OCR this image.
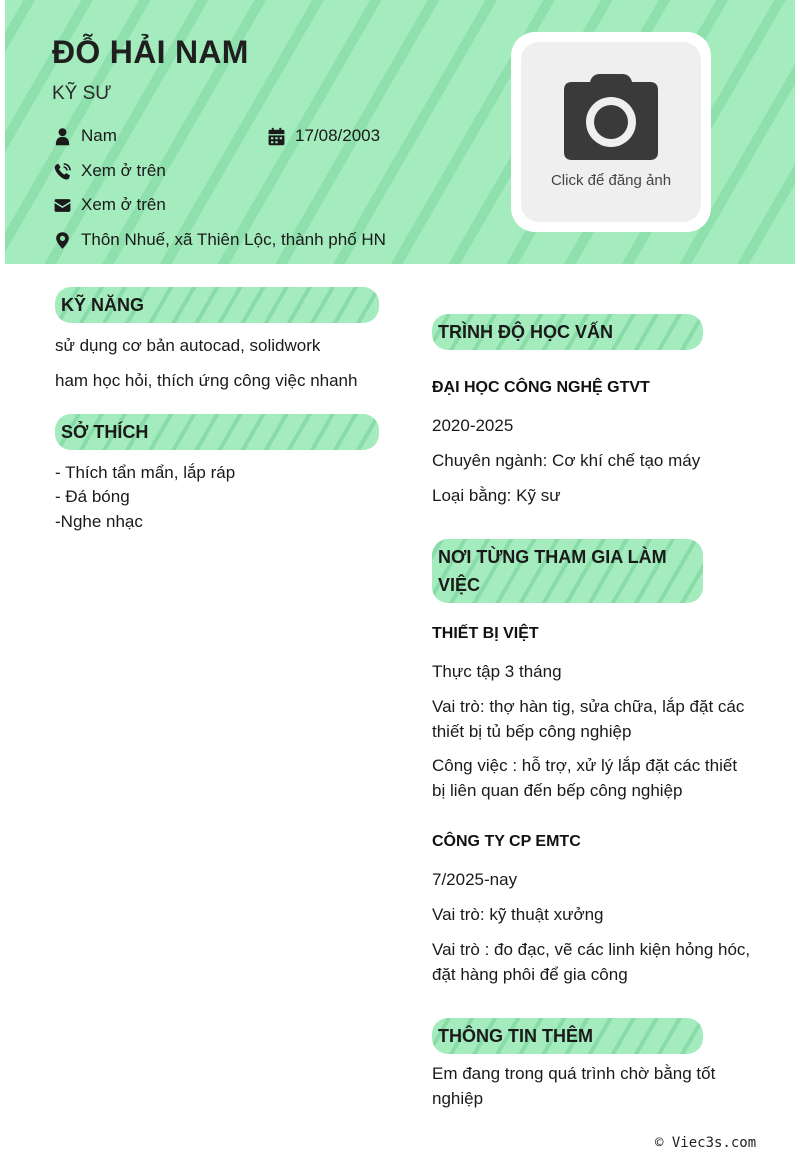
ĐỖ HẢI NAM
KỸ SƯ
Nam	17/08/2003
Xem ở trên
Xem ở trên
Thôn Nhuế, xã Thiên Lộc, thành phố HN
Click để đăng ảnh
KỸ NĂNG
sử dụng cơ bản autocad, solidwork
ham học hỏi, thích ứng công việc nhanh
SỞ THÍCH
- Thích tẩn mẩn, lắp ráp
- Đá bóng
-Nghe nhạc
TRÌNH ĐỘ HỌC VẤN
ĐẠI HỌC CÔNG NGHỆ GTVT
2020-2025
Chuyên ngành: Cơ khí chế tạo máy
Loại bằng: Kỹ sư
NƠI TỪNG THAM GIA LÀM VIỆC
THIẾT BỊ VIỆT
Thực tập 3 tháng
Vai trò: thợ hàn tig, sửa chữa, lắp đặt các thiết bị tủ bếp công nghiệp
Công việc : hỗ trợ, xử lý lắp đặt các thiết bị liên quan đến bếp công nghiệp
CÔNG TY CP EMTC
7/2025-nay
Vai trò: kỹ thuật xưởng
Vai trò : đo đạc, vẽ các linh kiện hỏng hóc, đặt hàng phôi để gia công
THÔNG TIN THÊM
Em đang trong quá trình chờ bằng tốt nghiệp
© Viec3s.com
